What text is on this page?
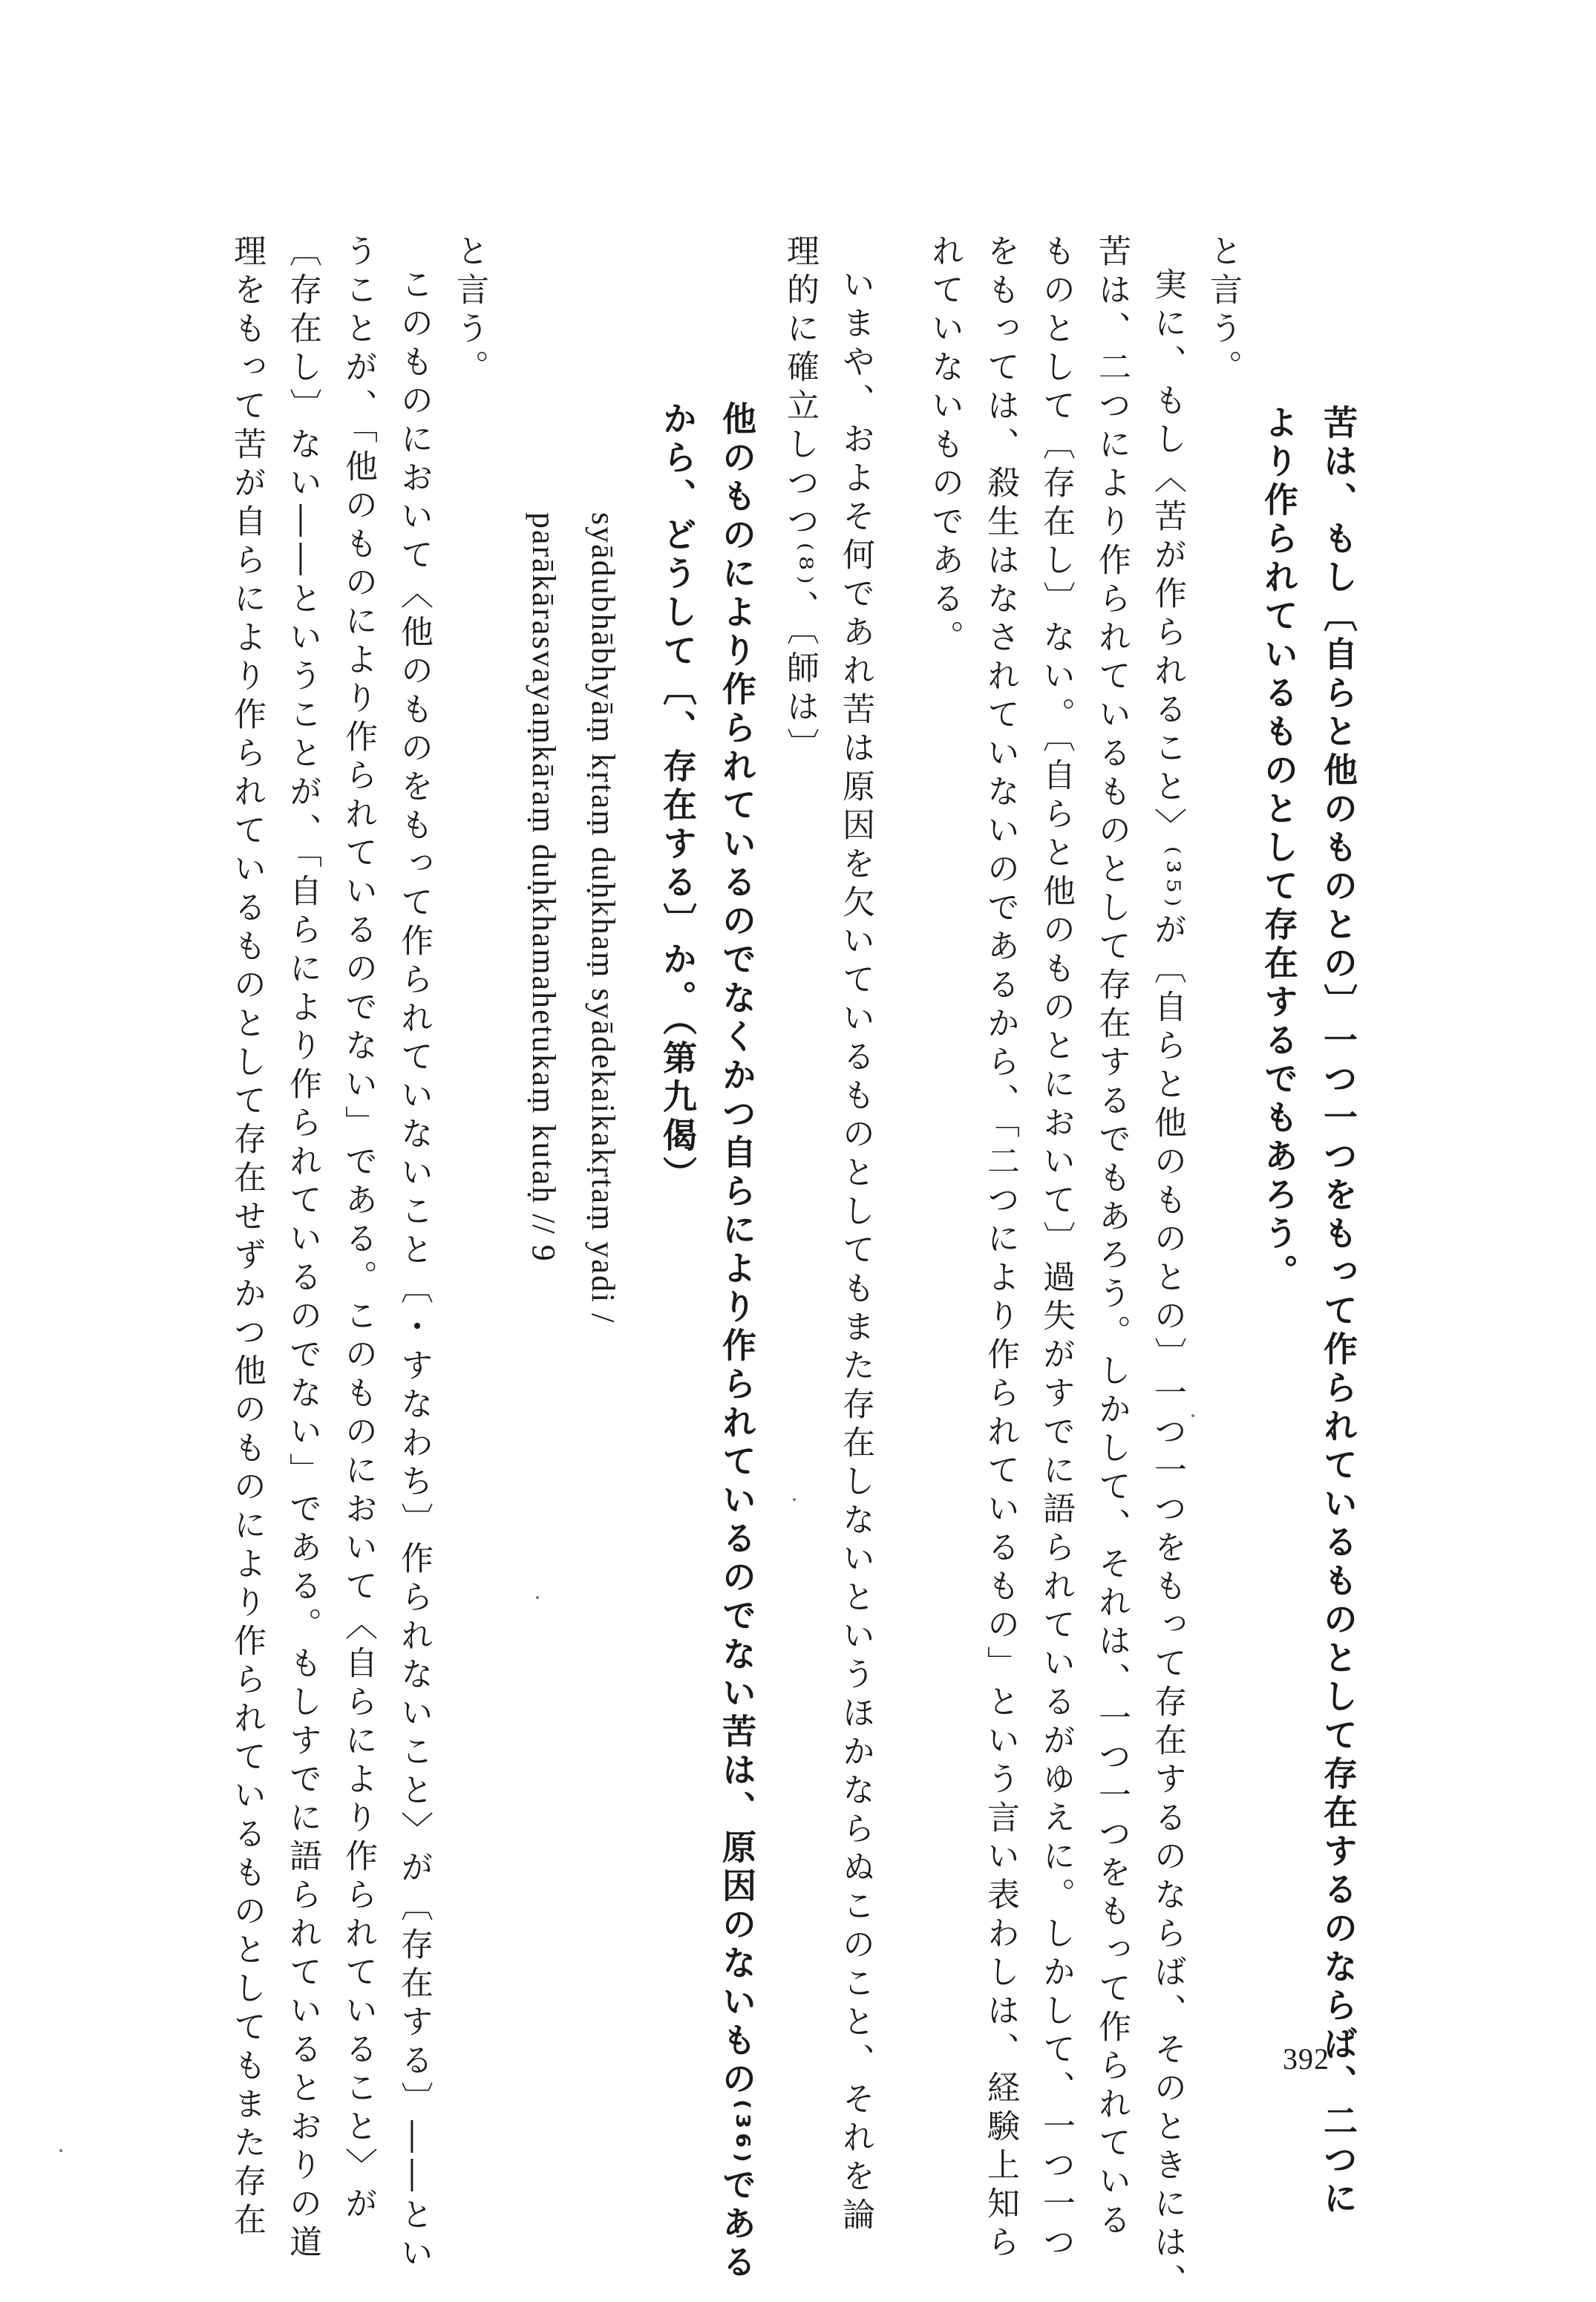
苦は、もし〔自らと他のものとの〕一つ一つをもって作られているものとして存在するのならば、二つに
より作られているものとして存在するでもあろう。
と言う。
実に、もし〈苦が作られること〉⁽³⁵⁾が〔自らと他のものとの〕一つ一つをもって存在するのならば、そのときには、
苦は、二つにより作られているものとして存在するでもあろう。しかして、それは、一つ一つをもって作られている
ものとして〔存在し〕ない。〔自らと他のものとにおいて〕過失がすでに語られているがゆえに。しかして、一つ一つ
をもっては、殺生はなされていないのであるから、「二つにより作られているもの」という言い表わしは、経験上知ら
れていないものである。
いまや、およそ何であれ苦は原因を欠いているものとしてもまた存在しないというほかならぬこのこと、それを論
理的に確立しつつ⁽⁸⁾、〔師は〕
他のものにより作られているのでなくかつ自らにより作られているのでない苦は、原因のないもの⁽³⁶⁾である
から、どうして〔、存在する〕か。（第九偈）
syādubhābhyāṃ kṛtaṃ duḥkhaṃ syādekaikakṛtaṃ yadi /
parākārasvayaṃkāraṃ duḥkhamahetukaṃ kutaḥ // 9
と言う。
このものにおいて〈他のものをもって作られていないこと〔・すなわち〕作られないこと〉が〔存在する〕――とい
うことが、「他のものにより作られているのでない」である。このものにおいて〈自らにより作られていること〉が
〔存在し〕ない――ということが、「自らにより作られているのでない」である。もしすでに語られているとおりの道
理をもって苦が自らにより作られているものとして存在せずかつ他のものにより作られているものとしてもまた存在	392
